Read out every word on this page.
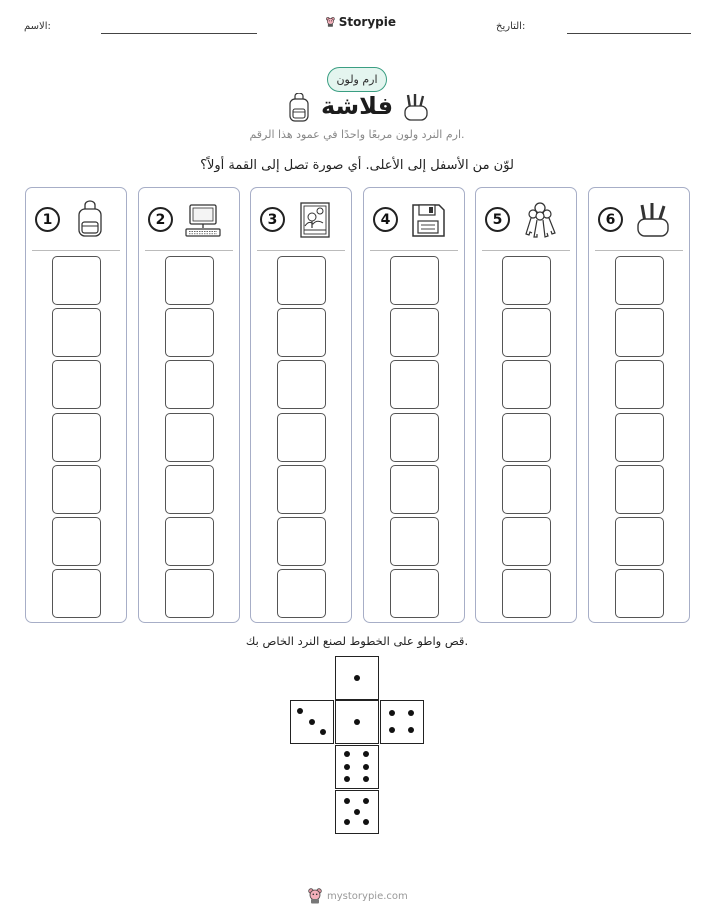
الاسم:	Storypie	التاريخ:
ارم ولون
فلاشة
ارم النرد ولون مربعًا واحدًا في عمود هذا الرقم.
لوّن من الأسفل إلى الأعلى. أي صورة تصل إلى القمة أولاً؟
1	2	3	4	5	6
قص واطو على الخطوط لصنع النرد الخاص بك.
mystorypie.com
